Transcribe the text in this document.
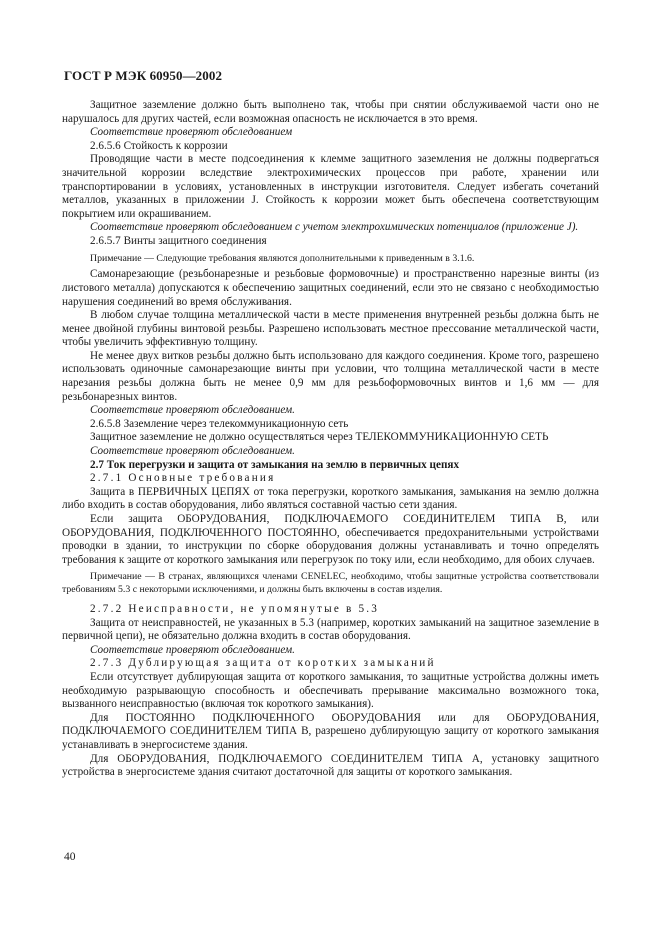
ГОСТ Р МЭК 60950—2002

Защитное заземление должно быть выполнено так, чтобы при снятии обслуживаемой части оно не нарушалось для других частей, если возможная опасность не исключается в это время.

Соответствие проверяют обследованием

2.6.5.6 Стойкость к коррозии

Проводящие части в месте подсоединения к клемме защитного заземления не должны подвергаться значительной коррозии вследствие электрохимических процессов при работе, хранении или транспортировании в условиях, установленных в инструкции изготовителя. Следует избегать сочетаний металлов, указанных в приложении J. Стойкость к коррозии может быть обеспечена соответствующим покрытием или окрашиванием.

Соответствие проверяют обследованием с учетом электрохимических потенциалов (приложение J).

2.6.5.7 Винты защитного соединения

Примечание — Следующие требования являются дополнительными к приведенным в 3.1.6.

Самонарезающие (резьбонарезные и резьбовые формовочные) и пространственно нарезные винты (из листового металла) допускаются к обеспечению защитных соединений, если это не связано с необходимостью нарушения соединений во время обслуживания.

В любом случае толщина металлической части в месте применения внутренней резьбы должна быть не менее двойной глубины винтовой резьбы. Разрешено использовать местное прессование металлической части, чтобы увеличить эффективную толщину.

Не менее двух витков резьбы должно быть использовано для каждого соединения. Кроме того, разрешено использовать одиночные самонарезающие винты при условии, что толщина металлической части в месте нарезания резьбы должна быть не менее 0,9 мм для резьбоформовочных винтов и 1,6 мм — для резьбонарезных винтов.

Соответствие проверяют обследованием.

2.6.5.8 Заземление через телекоммуникационную сеть

Защитное заземление не должно осуществляться через ТЕЛЕКОММУНИКАЦИОННУЮ СЕТЬ

Соответствие проверяют обследованием.

2.7 Ток перегрузки и защита от замыкания на землю в первичных цепях

2.7.1 Основные требования

Защита в ПЕРВИЧНЫХ ЦЕПЯХ от тока перегрузки, короткого замыкания, замыкания на землю должна либо входить в состав оборудования, либо являться составной частью сети здания.

Если защита ОБОРУДОВАНИЯ, ПОДКЛЮЧАЕМОГО СОЕДИНИТЕЛЕМ ТИПА В, или ОБОРУДОВАНИЯ, ПОДКЛЮЧЕННОГО ПОСТОЯННО, обеспечивается предохранительными устройствами проводки в здании, то инструкции по сборке оборудования должны устанавливать и точно определять требования к защите от короткого замыкания или перегрузок по току или, если необходимо, для обоих случаев.

Примечание — В странах, являющихся членами CENELEC, необходимо, чтобы защитные устройства соответствовали требованиям 5.3 с некоторыми исключениями, и должны быть включены в состав изделия.

2.7.2 Неисправности, не упомянутые в 5.3

Защита от неисправностей, не указанных в 5.3 (например, коротких замыканий на защитное заземление в первичной цепи), не обязательно должна входить в состав оборудования.

Соответствие проверяют обследованием.

2.7.3 Дублирующая защита от коротких замыканий

Если отсутствует дублирующая защита от короткого замыкания, то защитные устройства должны иметь необходимую разрывающую способность и обеспечивать прерывание максимально возможного тока, вызванного неисправностью (включая ток короткого замыкания).

Для ПОСТОЯННО ПОДКЛЮЧЕННОГО ОБОРУДОВАНИЯ или для ОБОРУДОВАНИЯ, ПОДКЛЮЧАЕМОГО СОЕДИНИТЕЛЕМ ТИПА В, разрешено дублирующую защиту от короткого замыкания устанавливать в энергосистеме здания.

Для ОБОРУДОВАНИЯ, ПОДКЛЮЧАЕМОГО СОЕДИНИТЕЛЕМ ТИПА А, установку защитного устройства в энергосистеме здания считают достаточной для защиты от короткого замыкания.

40
